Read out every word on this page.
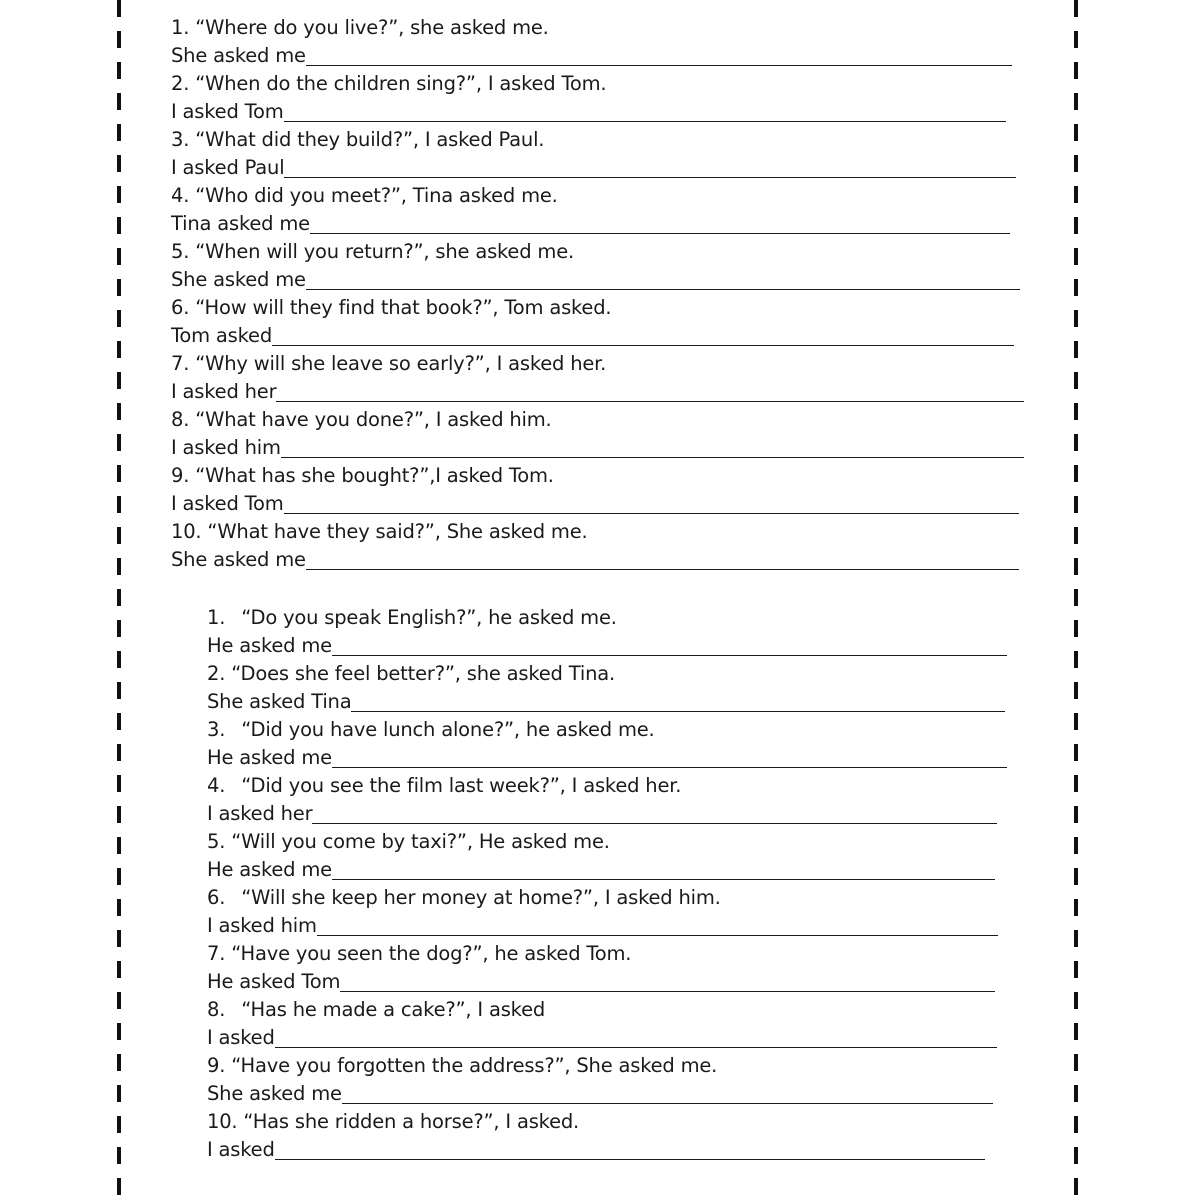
1. “Where do you live?”, she asked me.
She asked me
2. “When do the children sing?”, I asked Tom.
I asked Tom
3. “What did they build?”, I asked Paul.
I asked Paul
4. “Who did you meet?”, Tina asked me.
Tina asked me
5. “When will you return?”, she asked me.
She asked me
6. “How will they find that book?”, Tom asked.
Tom asked
7. “Why will she leave so early?”, I asked her.
I asked her
8. “What have you done?”, I asked him.
I asked him
9. “What has she bought?”,I asked Tom.
I asked Tom
10. “What have they said?”, She asked me.
She asked me
1. “Do you speak English?”, he asked me.
He asked me
2. “Does she feel better?”, she asked Tina.
She asked Tina
3. “Did you have lunch alone?”, he asked me.
He asked me
4. “Did you see the film last week?”, I asked her.
I asked her
5. “Will you come by taxi?”, He asked me.
He asked me
6. “Will she keep her money at home?”, I asked him.
I asked him
7. “Have you seen the dog?”, he asked Tom.
He asked Tom
8. “Has he made a cake?”, I asked
I asked
9. “Have you forgotten the address?”, She asked me.
She asked me
10. “Has she ridden a horse?”, I asked.
I asked
